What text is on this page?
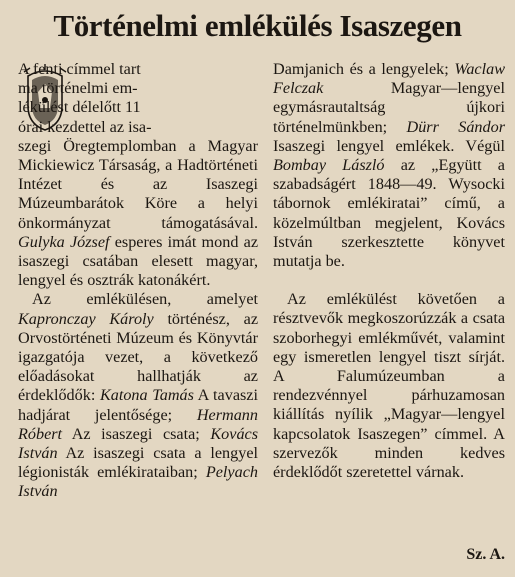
Történelmi emlékülés Isaszegen

A fenti címmel tart
ma történelmi em-
lékülést délelőtt 11
órai kezdettel az isa-

szegi Öregtemplomban a Magyar Mickiewicz Társaság, a Hadtörténeti Intézet és az Isaszegi Múzeumbarátok Köre a helyi önkormányzat támogatásával. Gulyka József esperes imát mond az isaszegi csatában elesett magyar, lengyel és osztrák katonákért.

Az emlékülésen, amelyet Kapronczay Károly történész, az Orvostörténeti Múzeum és Könyvtár igazgatója vezet, a következő előadásokat hallhatják az érdeklődők: Katona Tamás A tavaszi hadjárat jelentősége; Hermann Róbert Az isaszegi csata; Kovács István Az isaszegi csata a lengyel légionisták emlékirataiban; Pelyach István

Damjanich és a lengyelek; Waclaw Felczak	Magyar—lengyel egymásrautaltság újkori történelmünkben; Dürr Sándor Isaszegi lengyel emlékek. Végül Bombay László az „Együtt a szabadságért 1848—49. Wysocki tábornok emlékiratai” című, a közelmúltban megjelent, Kovács István szerkesztette könyvet mutatja be.

Az emlékülést követően a résztvevők megkoszorúzzák a csata szoborhegyi emlékművét, valamint egy ismeretlen lengyel tiszt sírját. A Falumúzeumban a rendezvénnyel párhuzamosan kiállítás nyílik „Magyar—lengyel kapcsolatok Isaszegen” címmel. A szervezők minden kedves érdeklődőt szeretettel várnak.

Sz. A.
